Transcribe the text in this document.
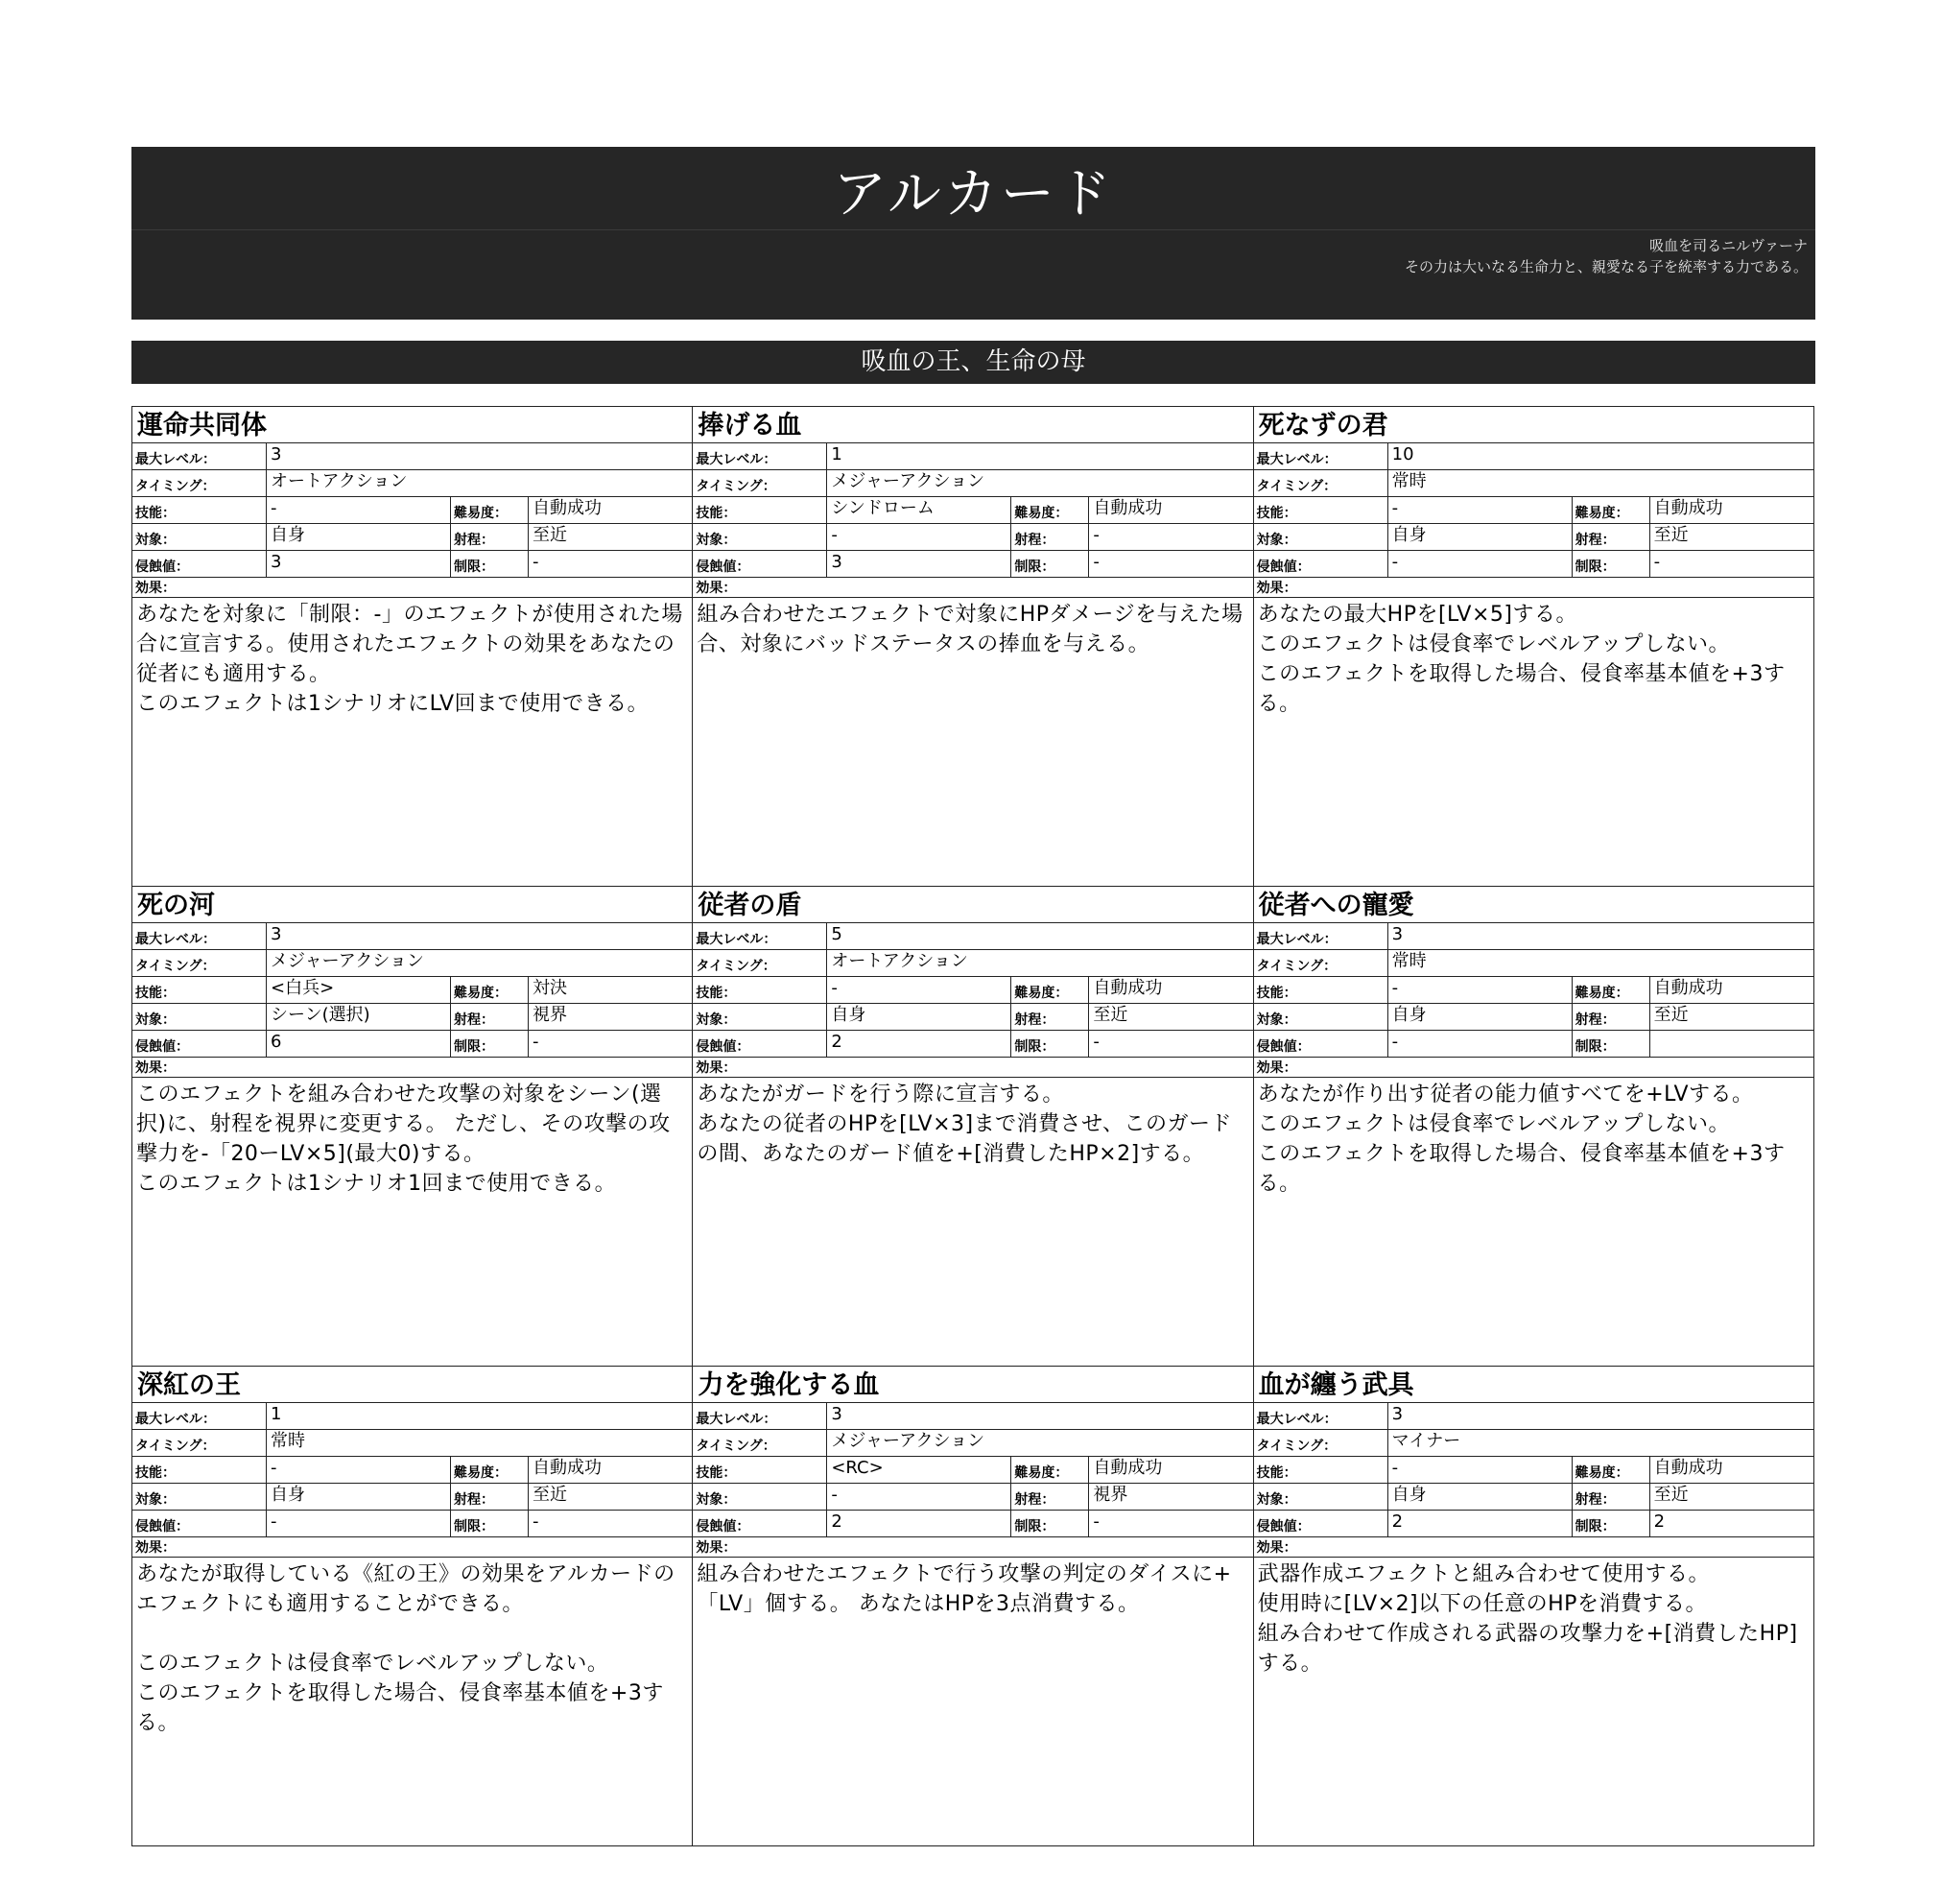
アルカード
吸血を司るニルヴァーナ
その力は大いなる生命力と、親愛なる子を統率する力である。
吸血の王、生命の母
運命共同体
最大レベル：	3
タイミング：	オートアクション
技能：	-	難易度：	自動成功
対象：	自身	射程：	至近
侵蝕値：	3	制限：	-
効果：
あなたを対象に「制限：-」のエフェクトが使用された場合に宣言する。使用されたエフェクトの効果をあなたの従者にも適用する。
このエフェクトは1シナリオにLV回まで使用できる。
捧げる血
最大レベル：	1
タイミング：	メジャーアクション
技能：	シンドローム	難易度：	自動成功
対象：	-	射程：	-
侵蝕値：	3	制限：	-
効果：
組み合わせたエフェクトで対象にHPダメージを与えた場合、対象にバッドステータスの捧血を与える。
死なずの君
最大レベル：	10
タイミング：	常時
技能：	-	難易度：	自動成功
対象：	自身	射程：	至近
侵蝕値：	-	制限：	-
効果：
あなたの最大HPを[LV×5]する。
このエフェクトは侵食率でレベルアップしない。
このエフェクトを取得した場合、侵食率基本値を+3する。
死の河
最大レベル：	3
タイミング：	メジャーアクション
技能：	<白兵>	難易度：	対決
対象：	シーン(選択)	射程：	視界
侵蝕値：	6	制限：	-
効果：
このエフェクトを組み合わせた攻撃の対象をシーン(選択)に、射程を視界に変更する。 ただし、その攻撃の攻撃力を-「20ーLV×5](最大0)する。
このエフェクトは1シナリオ1回まで使用できる。
従者の盾
最大レベル：	5
タイミング：	オートアクション
技能：	-	難易度：	自動成功
対象：	自身	射程：	至近
侵蝕値：	2	制限：	-
効果：
あなたがガードを行う際に宣言する。
あなたの従者のHPを[LV×3]まで消費させ、このガードの間、あなたのガード値を+[消費したHP×2]する。
従者への寵愛
最大レベル：	3
タイミング：	常時
技能：	-	難易度：	自動成功
対象：	自身	射程：	至近
侵蝕値：	-	制限：
効果：
あなたが作り出す従者の能力値すべてを+LVする。
このエフェクトは侵食率でレベルアップしない。
このエフェクトを取得した場合、侵食率基本値を+3する。
深紅の王
最大レベル：	1
タイミング：	常時
技能：	-	難易度：	自動成功
対象：	自身	射程：	至近
侵蝕値：	-	制限：	-
効果：
あなたが取得している《紅の王》の効果をアルカードのエフェクトにも適用することができる。

このエフェクトは侵食率でレベルアップしない。
このエフェクトを取得した場合、侵食率基本値を+3する。
力を強化する血
最大レベル：	3
タイミング：	メジャーアクション
技能：	<RC>	難易度：	自動成功
対象：	-	射程：	視界
侵蝕値：	2	制限：	-
効果：
組み合わせたエフェクトで行う攻撃の判定のダイスに+「LV」個する。 あなたはHPを3点消費する。
血が纏う武具
最大レベル：	3
タイミング：	マイナー
技能：	-	難易度：	自動成功
対象：	自身	射程：	至近
侵蝕値：	2	制限：	2
効果：
武器作成エフェクトと組み合わせて使用する。
使用時に[LV×2]以下の任意のHPを消費する。
組み合わせて作成される武器の攻撃力を+[消費したHP]する。
